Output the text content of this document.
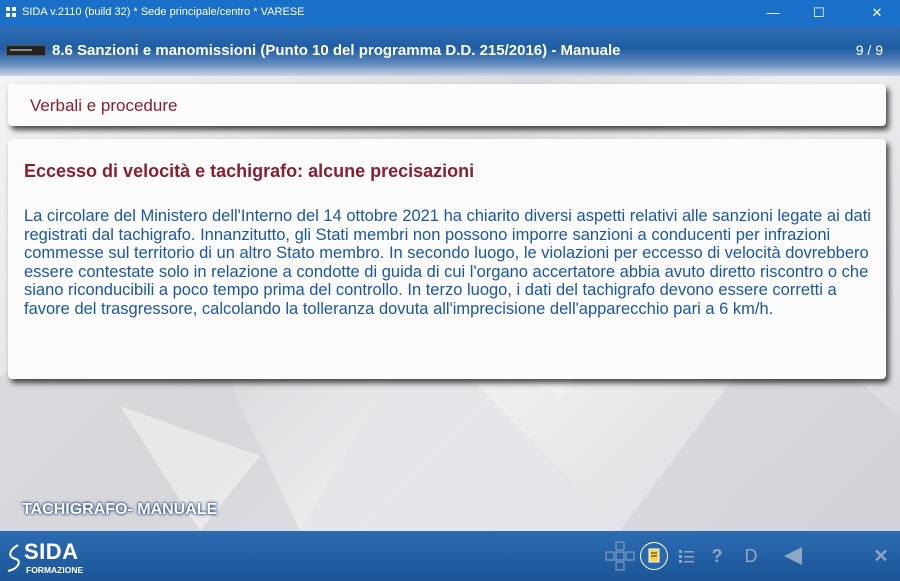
SIDA v.2110 (build 32) * Sede principale/centro * VARESE	—	☐	✕
8.6 Sanzioni e manomissioni (Punto 10 del programma D.D. 215/2016) - Manuale	9 / 9
Verbali e procedure
Eccesso di velocità e tachigrafo: alcune precisazioni

La circolare del Ministero dell'Interno del 14 ottobre 2021 ha chiarito diversi aspetti relativi alle sanzioni legate ai dati registrati dal tachigrafo. Innanzitutto, gli Stati membri non possono imporre sanzioni a conducenti per infrazioni commesse sul territorio di un altro Stato membro. In secondo luogo, le violazioni per eccesso di velocità dovrebbero essere contestate solo in relazione a condotte di guida di cui l'organo accertatore abbia avuto diretto riscontro o che siano riconducibili a poco tempo prima del controllo. In terzo luogo, i dati del tachigrafo devono essere corretti a favore del trasgressore, calcolando la tolleranza dovuta all'imprecisione dell'apparecchio pari a 6 km/h.

TACHIGRAFO- MANUALE
SIDA
FORMAZIONE
?	D	✕
